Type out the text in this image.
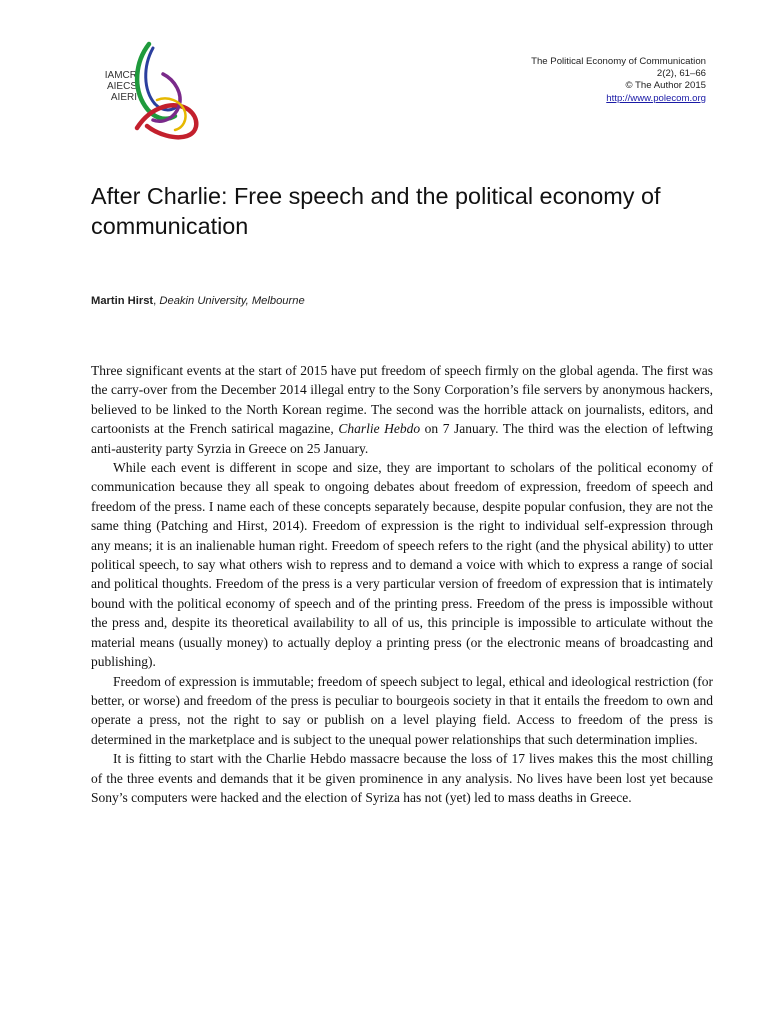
IAMCR
AIECS
AIERI
The Political Economy of Communication
2(2), 61–66
© The Author 2015
http://www.polecom.org
After Charlie: Free speech and the political economy of communication
Martin Hirst, Deakin University, Melbourne

Three significant events at the start of 2015 have put freedom of speech firmly on the global agenda. The first was the carry-over from the December 2014 illegal entry to the Sony Corporation’s file servers by anonymous hackers, believed to be linked to the North Korean regime. The second was the horrible attack on journalists, editors, and cartoonists at the French satirical magazine, Charlie Hebdo on 7 January. The third was the election of leftwing anti-austerity party Syrzia in Greece on 25 January.

While each event is different in scope and size, they are important to scholars of the political economy of communication because they all speak to ongoing debates about freedom of expression, freedom of speech and freedom of the press. I name each of these concepts separately because, despite popular confusion, they are not the same thing (Patching and Hirst, 2014). Freedom of expression is the right to individual self-expression through any means; it is an inalienable human right. Freedom of speech refers to the right (and the physical ability) to utter political speech, to say what others wish to repress and to demand a voice with which to express a range of social and political thoughts. Freedom of the press is a very particular version of freedom of expression that is intimately bound with the political economy of speech and of the printing press. Freedom of the press is impossible without the press and, despite its theoretical availability to all of us, this principle is impossible to articulate without the material means (usually money) to actually deploy a printing press (or the electronic means of broadcasting and publishing).

Freedom of expression is immutable; freedom of speech subject to legal, ethical and ideological restriction (for better, or worse) and freedom of the press is peculiar to bourgeois society in that it entails the freedom to own and operate a press, not the right to say or publish on a level playing field. Access to freedom of the press is determined in the marketplace and is subject to the unequal power relationships that such determination implies.

It is fitting to start with the Charlie Hebdo massacre because the loss of 17 lives makes this the most chilling of the three events and demands that it be given prominence in any analysis. No lives have been lost yet because Sony’s computers were hacked and the election of Syriza has not (yet) led to mass deaths in Greece.
